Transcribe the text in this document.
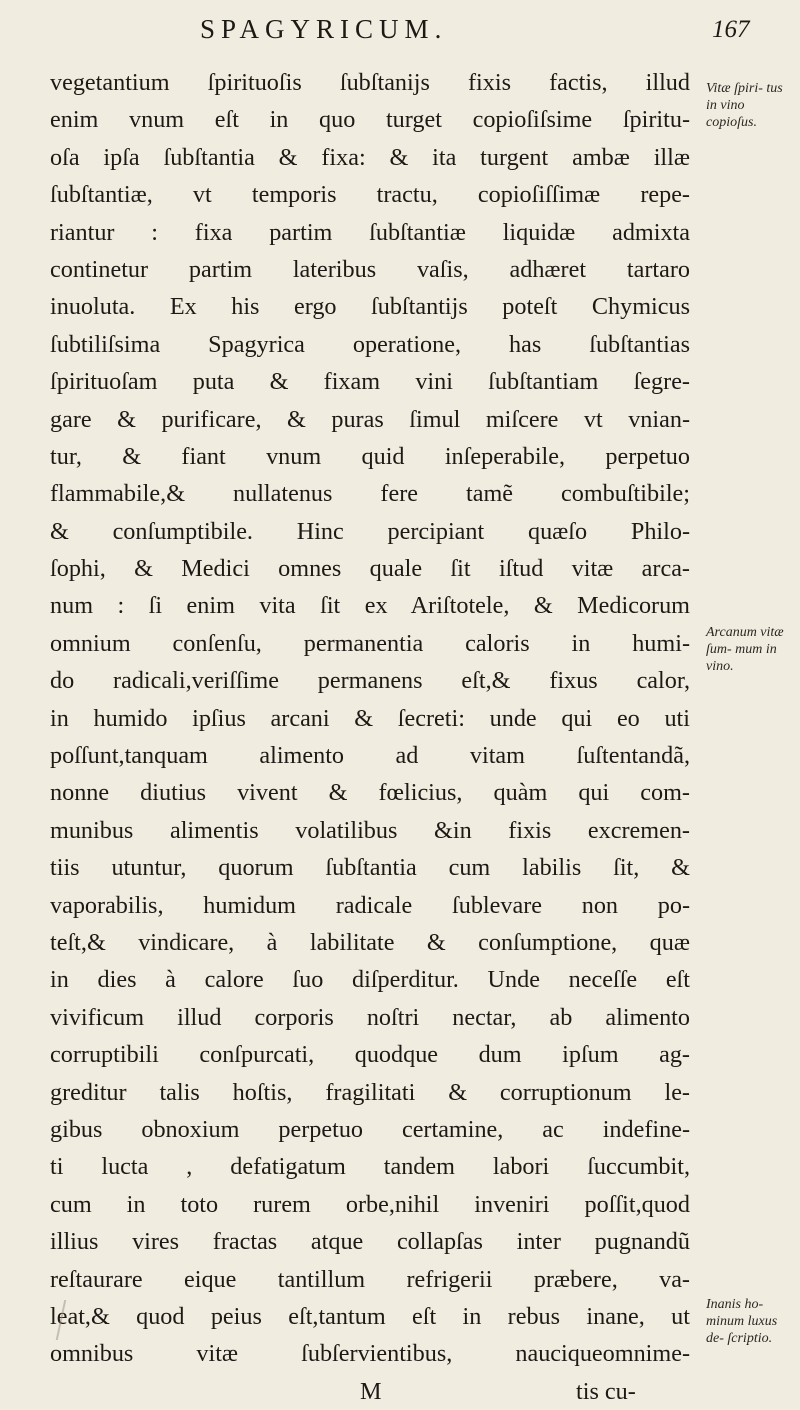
SPAGYRICUM.	167
vegetantium ſpirituoſis ſubſtanijs fixis factis, illud
enim vnum eſt in quo turget copioſiſsime ſpiritu-
oſa ipſa ſubſtantia & fixa: & ita turgent ambæ illæ
ſubſtantiæ, vt temporis tractu, copioſiſſimæ repe-
riantur : fixa partim ſubſtantiæ liquidæ admixta
continetur partim lateribus vaſis, adhæret tartaro
inuoluta. Ex his ergo ſubſtantijs poteſt Chymicus
ſubtiliſsima Spagyrica operatione, has ſubſtantias
ſpirituoſam puta & fixam vini ſubſtantiam ſegre-
gare & purificare, & puras ſimul miſcere vt vnian-
tur, & fiant vnum quid inſeperabile, perpetuo
flammabile,& nullatenus fere tamẽ combuſtibile;
& conſumptibile. Hinc percipiant quæſo Philo-
ſophi, & Medici omnes quale ſit iſtud vitæ arca-
num : ſi enim vita ſit ex Ariſtotele, & Medicorum
omnium conſenſu, permanentia caloris in humi-
do radicali,veriſſime permanens eſt,& fixus calor,
in humido ipſius arcani & ſecreti: unde qui eo uti
poſſunt,tanquam alimento ad vitam ſuſtentandã,
nonne diutius vivent & fœlicius, quàm qui com-
munibus alimentis volatilibus &in fixis excremen-
tiis utuntur, quorum ſubſtantia cum labilis ſit, &
vaporabilis, humidum radicale ſublevare non po-
teſt,& vindicare, à labilitate & conſumptione, quæ
in dies à calore ſuo diſperditur. Unde neceſſe eſt
vivificum illud corporis noſtri nectar, ab alimento
corruptibili conſpurcati, quodque dum ipſum ag-
greditur talis hoſtis, fragilitati & corruptionum le-
gibus obnoxium perpetuo certamine, ac indefine-
ti lucta , defatigatum tandem labori ſuccumbit,
cum in toto rurem orbe,nihil inveniri poſſit,quod
illius vires fractas atque collapſas inter pugnandũ
reſtaurare eique tantillum refrigerii præbere, va-
leat,& quod peius eſt,tantum eſt in rebus inane, ut
omnibus vitæ ſubſervientibus, nauciqueomnime-
M	tis cu-
Vitæ ſpiri- tus in vino copioſus.
Arcanum vitæ ſum- mum in vino.
Inanis ho- minum luxus de- ſcriptio.
